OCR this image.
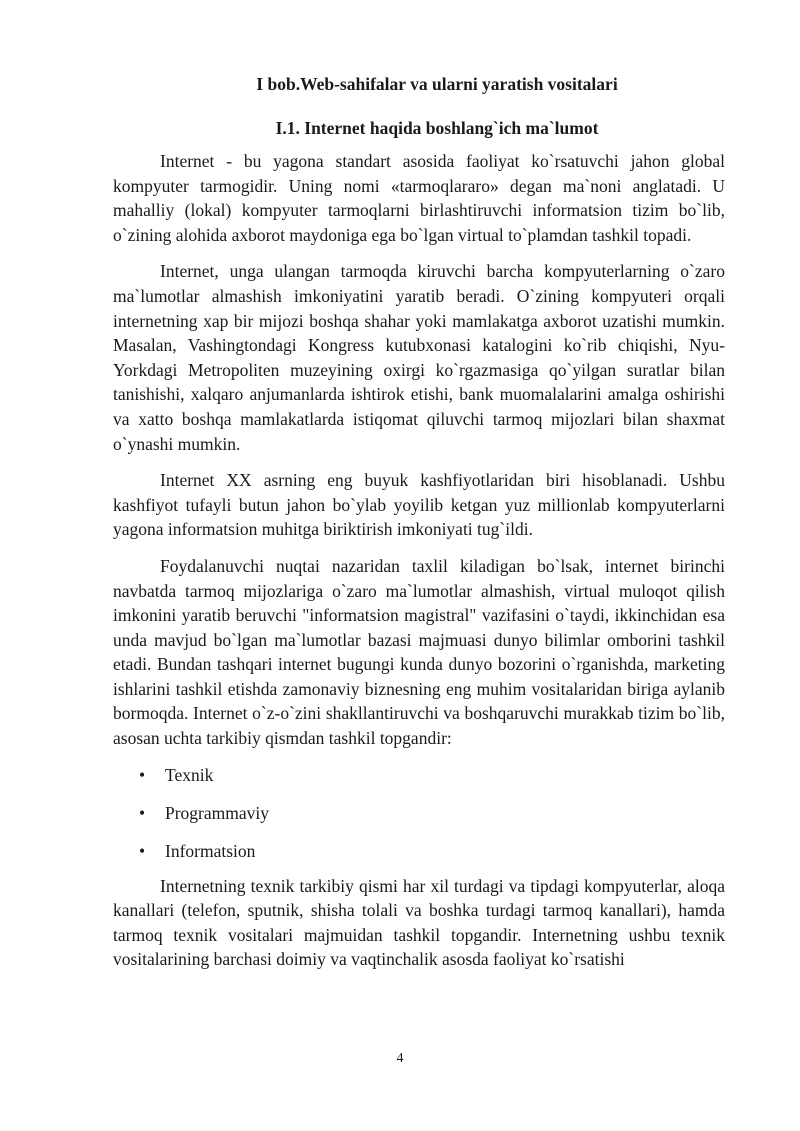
I bob.Web-sahifalar va ularni yaratish vositalari
I.1. Internet haqida boshlang`ich ma`lumot

Internet - bu yagona standart asosida faoliyat ko`rsatuvchi jahon global kompyuter tarmogidir. Uning nomi «tarmoqlararo» degan ma`noni anglatadi. U mahalliy (lokal) kompyuter tarmoqlarni birlashtiruvchi informatsion tizim bo`lib, o`zining alohida axborot maydoniga ega bo`lgan virtual to`plamdan tashkil topadi.

Internet, unga ulangan tarmoqda kiruvchi barcha kompyuterlarning o`zaro ma`lumotlar almashish imkoniyatini yaratib beradi. O`zining kompyuteri orqali internetning xap bir mijozi boshqa shahar yoki mamlakatga axborot uzatishi mumkin. Masalan, Vashingtondagi Kongress kutubxonasi katalogini ko`rib chiqishi, Nyu-Yorkdagi Metropoliten muzeyining oxirgi ko`rgazmasiga qo`yilgan suratlar bilan tanishishi, xalqaro anjumanlarda ishtirok etishi, bank muomalalarini amalga oshirishi va xatto boshqa mamlakatlarda istiqomat qiluvchi tarmoq mijozlari bilan shaxmat o`ynashi mumkin.

Internet XX asrning eng buyuk kashfiyotlaridan biri hisoblanadi. Ushbu kashfiyot tufayli butun jahon bo`ylab yoyilib ketgan yuz millionlab kompyuterlarni yagona informatsion muhitga biriktirish imkoniyati tug`ildi.

Foydalanuvchi nuqtai nazaridan taxlil kiladigan bo`lsak, internet birinchi navbatda tarmoq mijozlariga o`zaro ma`lumotlar almashish, virtual muloqot qilish imkonini yaratib beruvchi "informatsion magistral" vazifasini o`taydi, ikkinchidan esa unda mavjud bo`lgan ma`lumotlar bazasi majmuasi dunyo bilimlar omborini tashkil etadi. Bundan tashqari internet bugungi kunda dunyo bozorini o`rganishda, marketing ishlarini tashkil etishda zamonaviy biznesning eng muhim vositalaridan biriga aylanib bormoqda. Internet o`z-o`zini shakllantiruvchi va boshqaruvchi murakkab tizim bo`lib, asosan uchta tarkibiy qismdan tashkil topgandir:

• Texnik
• Programmaviy
• Informatsion

Internetning texnik tarkibiy qismi har xil turdagi va tipdagi kompyuterlar, aloqa kanallari (telefon, sputnik, shisha tolali va boshka turdagi tarmoq kanallari), hamda tarmoq texnik vositalari majmuidan tashkil topgandir. Internetning ushbu texnik vositalarining barchasi doimiy va vaqtinchalik asosda faoliyat ko`rsatishi

4
